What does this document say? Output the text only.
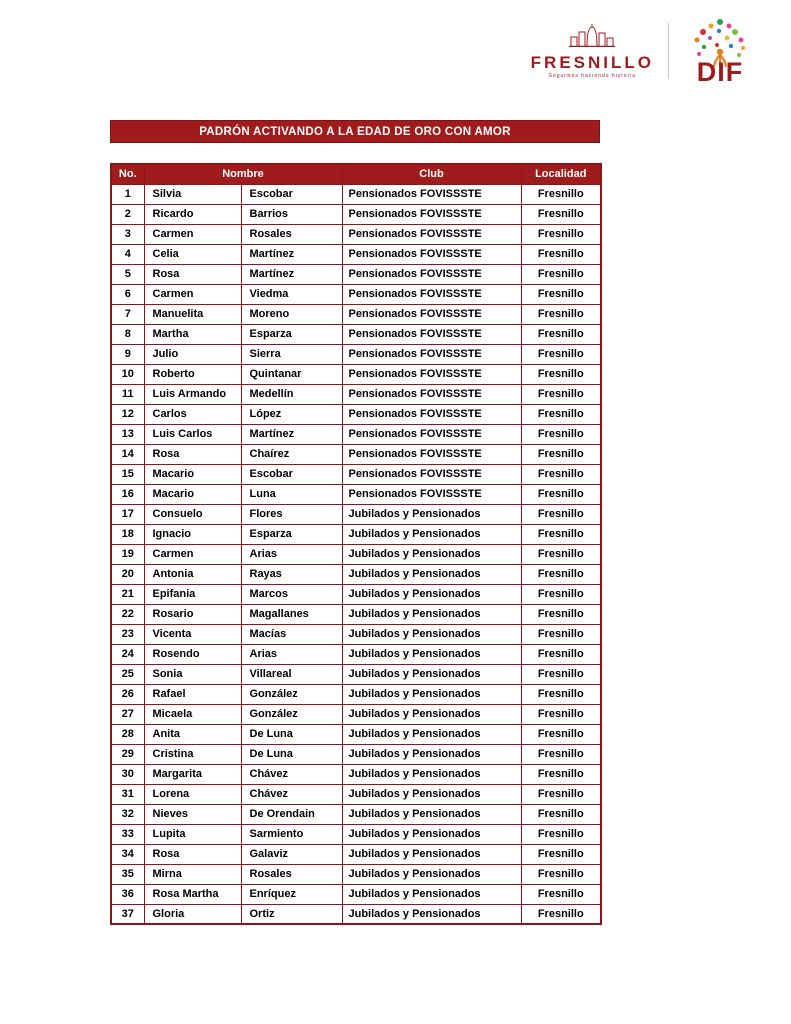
FRESNILLO
Seguimos haciendo historia DIF
PADRÓN ACTIVANDO A LA EDAD DE ORO CON AMOR
No.	Nombre		Club	Localidad
1	Silvia	Escobar	Pensionados FOVISSSTE	Fresnillo
2	Ricardo	Barrios	Pensionados FOVISSSTE	Fresnillo
3	Carmen	Rosales	Pensionados FOVISSSTE	Fresnillo
4	Celia	Martínez	Pensionados FOVISSSTE	Fresnillo
5	Rosa	Martínez	Pensionados FOVISSSTE	Fresnillo
6	Carmen	Viedma	Pensionados FOVISSSTE	Fresnillo
7	Manuelita	Moreno	Pensionados FOVISSSTE	Fresnillo
8	Martha	Esparza	Pensionados FOVISSSTE	Fresnillo
9	Julio	Sierra	Pensionados FOVISSSTE	Fresnillo
10	Roberto	Quintanar	Pensionados FOVISSSTE	Fresnillo
11	Luis Armando	Medellín	Pensionados FOVISSSTE	Fresnillo
12	Carlos	López	Pensionados FOVISSSTE	Fresnillo
13	Luis Carlos	Martínez	Pensionados FOVISSSTE	Fresnillo
14	Rosa	Chaírez	Pensionados FOVISSSTE	Fresnillo
15	Macario	Escobar	Pensionados FOVISSSTE	Fresnillo
16	Macario	Luna	Pensionados FOVISSSTE	Fresnillo
17	Consuelo	Flores	Jubilados y Pensionados	Fresnillo
18	Ignacio	Esparza	Jubilados y Pensionados	Fresnillo
19	Carmen	Arias	Jubilados y Pensionados	Fresnillo
20	Antonia	Rayas	Jubilados y Pensionados	Fresnillo
21	Epifania	Marcos	Jubilados y Pensionados	Fresnillo
22	Rosario	Magallanes	Jubilados y Pensionados	Fresnillo
23	Vicenta	Macías	Jubilados y Pensionados	Fresnillo
24	Rosendo	Arias	Jubilados y Pensionados	Fresnillo
25	Sonia	Villareal	Jubilados y Pensionados	Fresnillo
26	Rafael	González	Jubilados y Pensionados	Fresnillo
27	Micaela	González	Jubilados y Pensionados	Fresnillo
28	Anita	De Luna	Jubilados y Pensionados	Fresnillo
29	Cristina	De Luna	Jubilados y Pensionados	Fresnillo
30	Margarita	Chávez	Jubilados y Pensionados	Fresnillo
31	Lorena	Chávez	Jubilados y Pensionados	Fresnillo
32	Nieves	De Orendain	Jubilados y Pensionados	Fresnillo
33	Lupita	Sarmiento	Jubilados y Pensionados	Fresnillo
34	Rosa	Galaviz	Jubilados y Pensionados	Fresnillo
35	Mirna	Rosales	Jubilados y Pensionados	Fresnillo
36	Rosa Martha	Enríquez	Jubilados y Pensionados	Fresnillo
37	Gloria	Ortiz	Jubilados y Pensionados	Fresnillo
